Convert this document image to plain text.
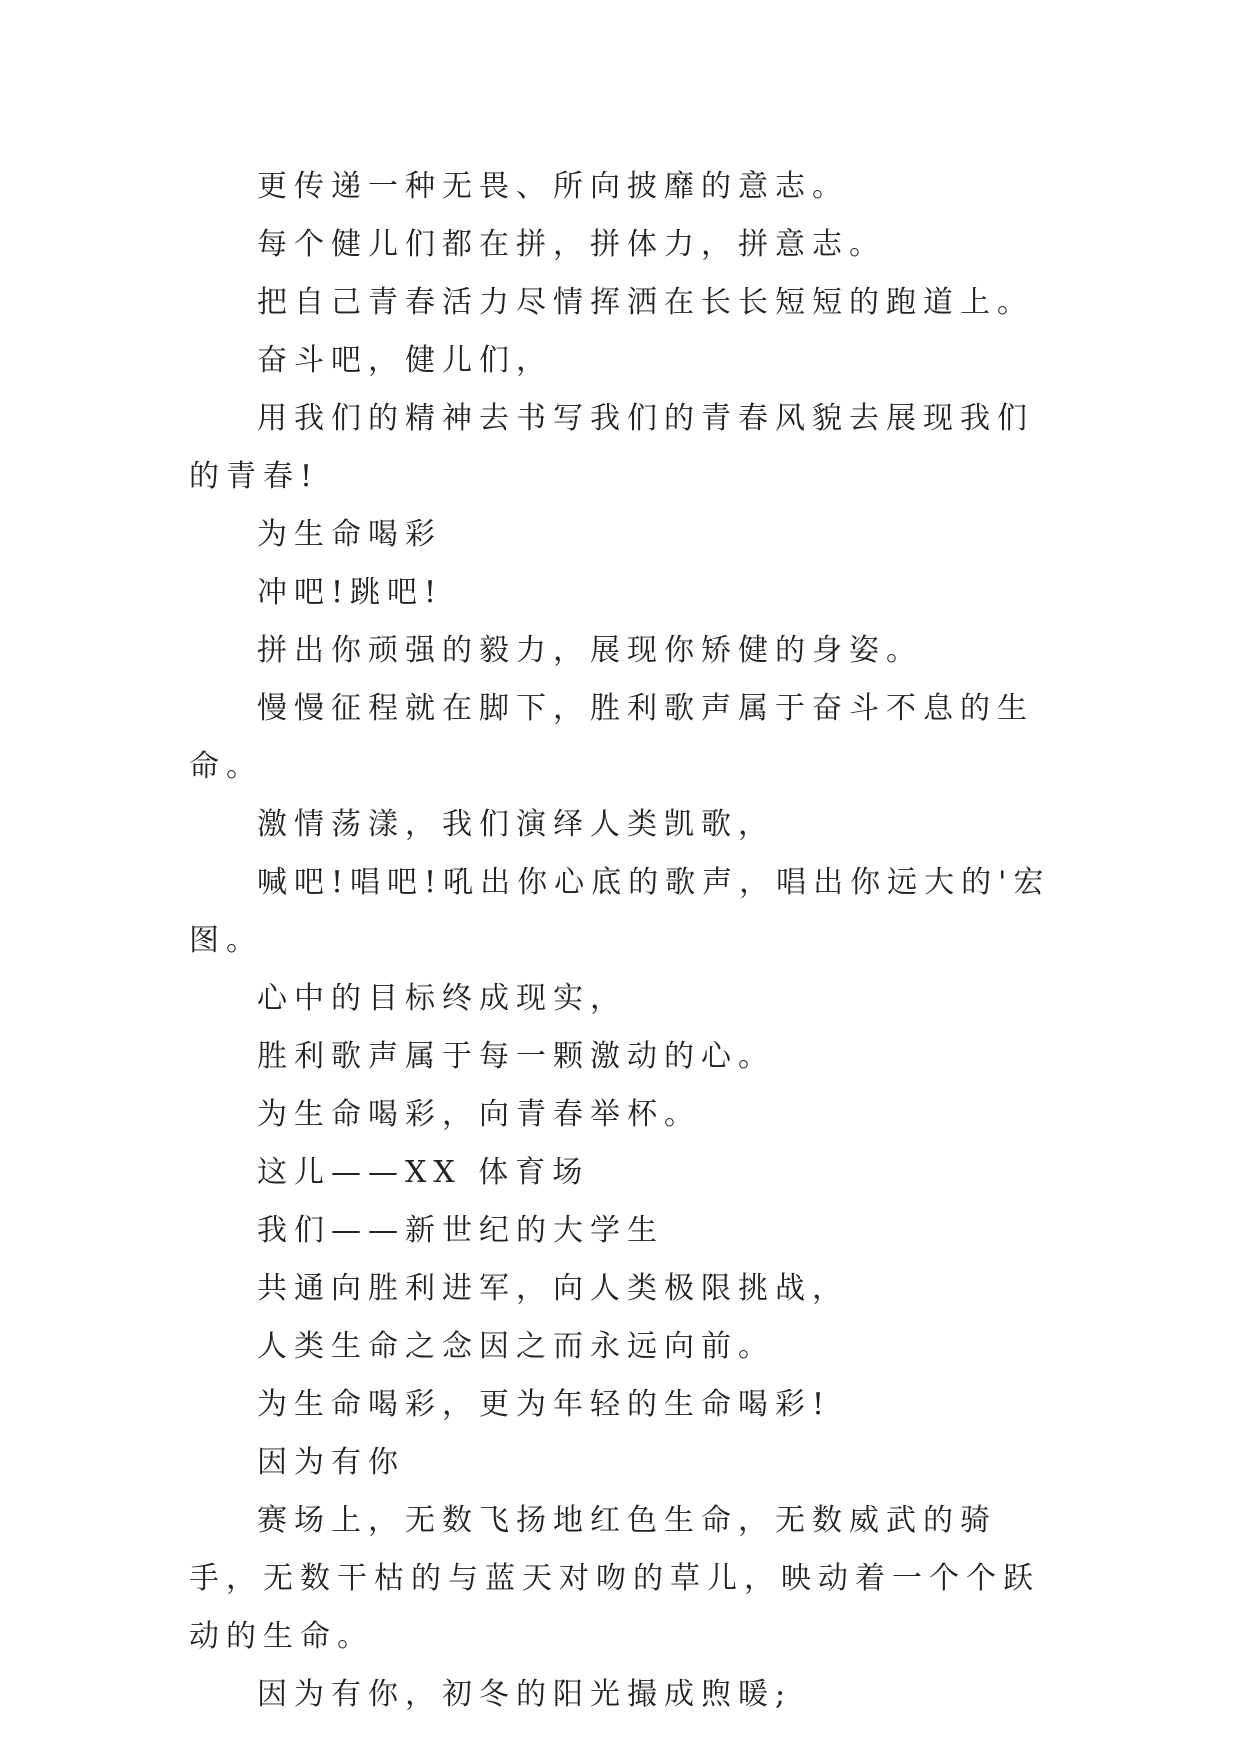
更传递一种无畏、所向披靡的意志。

每个健儿们都在拼，拼体力，拼意志。

把自己青春活力尽情挥洒在长长短短的跑道上。

奋斗吧，健儿们，

用我们的精神去书写我们的青春风貌去展现我们的青春!

为生命喝彩

冲吧!跳吧!

拼出你顽强的毅力，展现你矫健的身姿。

慢慢征程就在脚下，胜利歌声属于奋斗不息的生命。

激情荡漾，我们演绎人类凯歌，

喊吧!唱吧!吼出你心底的歌声，唱出你远大的'宏图。

心中的目标终成现实，

胜利歌声属于每一颗激动的心。

为生命喝彩，向青春举杯。

这儿——XX 体育场

我们——新世纪的大学生

共通向胜利进军，向人类极限挑战，

人类生命之念因之而永远向前。

为生命喝彩，更为年轻的生命喝彩!

因为有你

赛场上，无数飞扬地红色生命，无数威武的骑手，无数干枯的与蓝天对吻的草儿，映动着一个个跃动的生命。

因为有你，初冬的阳光撮成煦暖;
